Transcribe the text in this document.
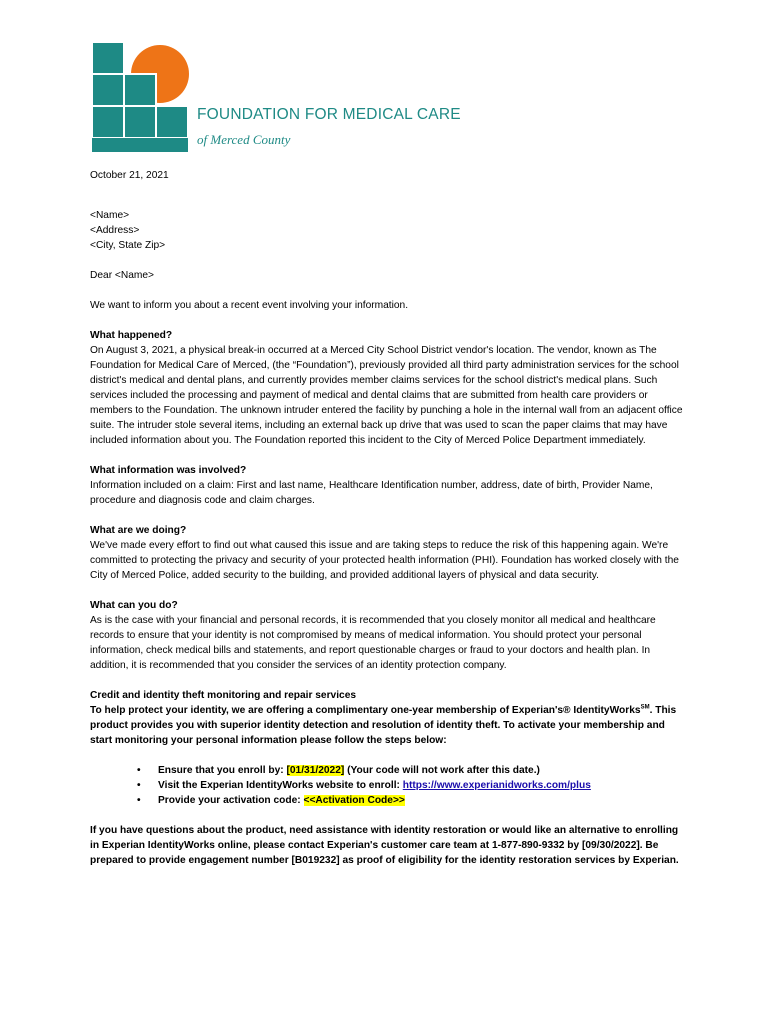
FOUNDATION FOR MEDICAL CARE
of Merced County

October 21, 2021

<Name>

<Address>

<City, State Zip>

Dear <Name>

We want to inform you about a recent event involving your information.

What happened?

On August 3, 2021, a physical break-in occurred at a Merced City School District vendor's location. The vendor, known as The Foundation for Medical Care of Merced, (the “Foundation”), previously provided all third party administration services for the school district's medical and dental plans, and currently provides member claims services for the school district's medical plans. Such services included the processing and payment of medical and dental claims that are submitted from health care providers or members to the Foundation. The unknown intruder entered the facility by punching a hole in the internal wall from an adjacent office suite. The intruder stole several items, including an external back up drive that was used to scan the paper claims that may have included information about you. The Foundation reported this incident to the City of Merced Police Department immediately.

What information was involved?

Information included on a claim: First and last name, Healthcare Identification number, address, date of birth, Provider Name, procedure and diagnosis code and claim charges.

What are we doing?

We've made every effort to find out what caused this issue and are taking steps to reduce the risk of this happening again. We're committed to protecting the privacy and security of your protected health information (PHI). Foundation has worked closely with the City of Merced Police, added security to the building, and provided additional layers of physical and data security.

What can you do?

As is the case with your financial and personal records, it is recommended that you closely monitor all medical and healthcare records to ensure that your identity is not compromised by means of medical information. You should protect your personal information, check medical bills and statements, and report questionable charges or fraud to your doctors and health plan. In addition, it is recommended that you consider the services of an identity protection company.

Credit and identity theft monitoring and repair services

To help protect your identity, we are offering a complimentary one-year membership of Experian's® IdentityWorks℠. This product provides you with superior identity detection and resolution of identity theft. To activate your membership and start monitoring your personal information please follow the steps below:

• Ensure that you enroll by: [01/31/2022] (Your code will not work after this date.)
• Visit the Experian IdentityWorks website to enroll: https://www.experianidworks.com/plus
• Provide your activation code: <<Activation Code>>

If you have questions about the product, need assistance with identity restoration or would like an alternative to enrolling in Experian IdentityWorks online, please contact Experian's customer care team at 1-877-890-9332 by [09/30/2022]. Be prepared to provide engagement number [B019232] as proof of eligibility for the identity restoration services by Experian.
